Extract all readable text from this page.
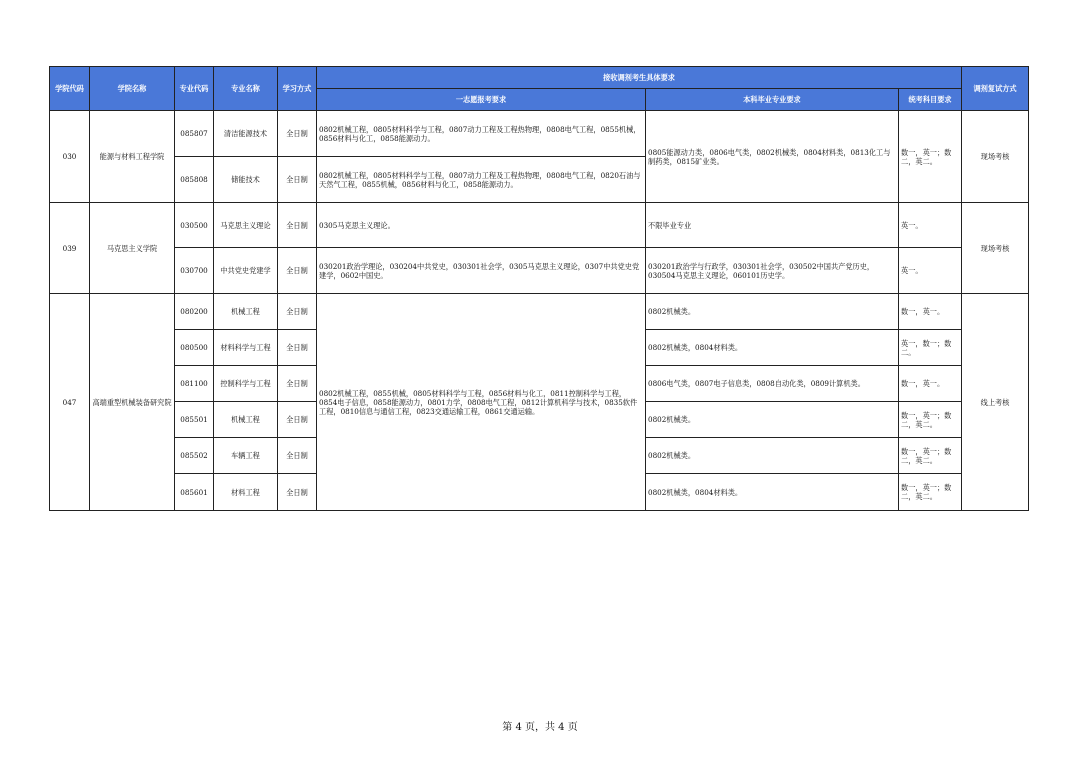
学院代码	学院名称	专业代码	专业名称	学习方式	接收调剂考生具体要求			调剂复试方式
					一志愿报考要求	本科毕业专业要求	统考科目要求	
030	能源与材料工程学院	085807	清洁能源技术	全日制	0802机械工程，0805材料科学与工程，0807动力工程及工程热物理，0808电气工程，0855机械，0856材料与化工，0858能源动力。	0805能源动力类，0806电气类，0802机械类，0804材料类，0813化工与制药类，0815矿业类。	数一，英一；数二，英二。	现场考核
		085808	储能技术	全日制	0802机械工程，0805材料科学与工程，0807动力工程及工程热物理，0808电气工程，0820石油与天然气工程，0855机械，0856材料与化工，0858能源动力。			
039	马克思主义学院	030500	马克思主义理论	全日制	0305马克思主义理论。	不限毕业专业	英一。	现场考核
		030700	中共党史党建学	全日制	030201政治学理论，030204中共党史，030301社会学，0305马克思主义理论，0307中共党史党建学，0602中国史。	030201政治学与行政学，030301社会学，030502中国共产党历史，030504马克思主义理论，060101历史学。	英一。	
047	高端重型机械装备研究院	080200	机械工程	全日制	0802机械工程，0855机械，0805材料科学与工程，0856材料与化工，0811控制科学与工程，0854电子信息，0858能源动力，0801力学，0808电气工程，0812计算机科学与技术，0835软件工程，0810信息与通信工程，0823交通运输工程，0861交通运输。	0802机械类。	数一，英一。	线上考核
		080500	材料科学与工程	全日制		0802机械类，0804材料类。	英一，数一；数二。	
		081100	控制科学与工程	全日制		0806电气类，0807电子信息类，0808自动化类，0809计算机类。	数一，英一。	
		085501	机械工程	全日制		0802机械类。	数一，英一；数二，英二。	
		085502	车辆工程	全日制		0802机械类。	数一，英一；数二，英二。	
		085601	材料工程	全日制		0802机械类，0804材料类。	数一，英一；数二，英二。	
第 4 页，共 4 页
